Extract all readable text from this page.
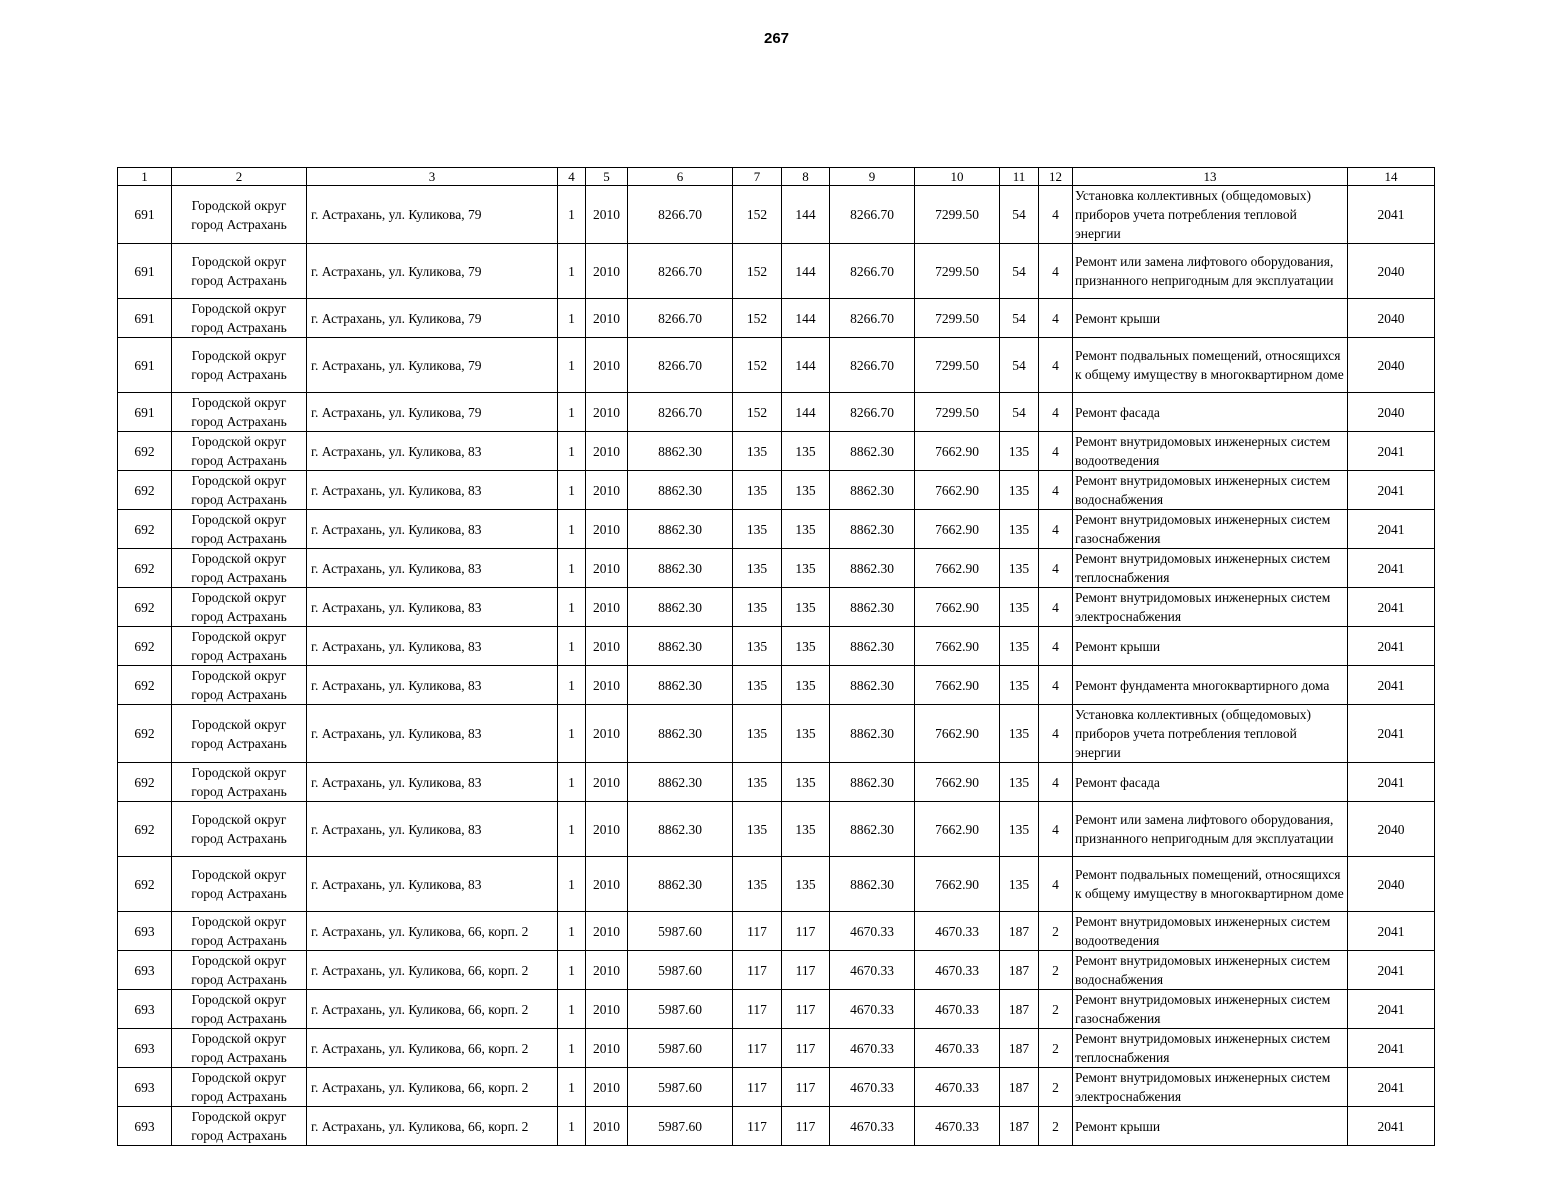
267
1	2	3	4	5	6	7	8	9	10	11	12	13	14
691	Городской округ город Астрахань	г. Астрахань, ул. Куликова, 79	1	2010	8266.70	152	144	8266.70	7299.50	54	4	Установка коллективных (общедомовых) приборов учета потребления тепловой энергии	2041
691	Городской округ город Астрахань	г. Астрахань, ул. Куликова, 79	1	2010	8266.70	152	144	8266.70	7299.50	54	4	Ремонт или замена лифтового оборудования, признанного непригодным для эксплуатации	2040
691	Городской округ город Астрахань	г. Астрахань, ул. Куликова, 79	1	2010	8266.70	152	144	8266.70	7299.50	54	4	Ремонт крыши	2040
691	Городской округ город Астрахань	г. Астрахань, ул. Куликова, 79	1	2010	8266.70	152	144	8266.70	7299.50	54	4	Ремонт подвальных помещений, относящихся к общему имуществу в многоквартирном доме	2040
691	Городской округ город Астрахань	г. Астрахань, ул. Куликова, 79	1	2010	8266.70	152	144	8266.70	7299.50	54	4	Ремонт фасада	2040
692	Городской округ город Астрахань	г. Астрахань, ул. Куликова, 83	1	2010	8862.30	135	135	8862.30	7662.90	135	4	Ремонт внутридомовых инженерных систем водоотведения	2041
692	Городской округ город Астрахань	г. Астрахань, ул. Куликова, 83	1	2010	8862.30	135	135	8862.30	7662.90	135	4	Ремонт внутридомовых инженерных систем водоснабжения	2041
692	Городской округ город Астрахань	г. Астрахань, ул. Куликова, 83	1	2010	8862.30	135	135	8862.30	7662.90	135	4	Ремонт внутридомовых инженерных систем газоснабжения	2041
692	Городской округ город Астрахань	г. Астрахань, ул. Куликова, 83	1	2010	8862.30	135	135	8862.30	7662.90	135	4	Ремонт внутридомовых инженерных систем теплоснабжения	2041
692	Городской округ город Астрахань	г. Астрахань, ул. Куликова, 83	1	2010	8862.30	135	135	8862.30	7662.90	135	4	Ремонт внутридомовых инженерных систем электроснабжения	2041
692	Городской округ город Астрахань	г. Астрахань, ул. Куликова, 83	1	2010	8862.30	135	135	8862.30	7662.90	135	4	Ремонт крыши	2041
692	Городской округ город Астрахань	г. Астрахань, ул. Куликова, 83	1	2010	8862.30	135	135	8862.30	7662.90	135	4	Ремонт фундамента многоквартирного дома	2041
692	Городской округ город Астрахань	г. Астрахань, ул. Куликова, 83	1	2010	8862.30	135	135	8862.30	7662.90	135	4	Установка коллективных (общедомовых) приборов учета потребления тепловой энергии	2041
692	Городской округ город Астрахань	г. Астрахань, ул. Куликова, 83	1	2010	8862.30	135	135	8862.30	7662.90	135	4	Ремонт фасада	2041
692	Городской округ город Астрахань	г. Астрахань, ул. Куликова, 83	1	2010	8862.30	135	135	8862.30	7662.90	135	4	Ремонт или замена лифтового оборудования, признанного непригодным для эксплуатации	2040
692	Городской округ город Астрахань	г. Астрахань, ул. Куликова, 83	1	2010	8862.30	135	135	8862.30	7662.90	135	4	Ремонт подвальных помещений, относящихся к общему имуществу в многоквартирном доме	2040
693	Городской округ город Астрахань	г. Астрахань, ул. Куликова, 66, корп. 2	1	2010	5987.60	117	117	4670.33	4670.33	187	2	Ремонт внутридомовых инженерных систем водоотведения	2041
693	Городской округ город Астрахань	г. Астрахань, ул. Куликова, 66, корп. 2	1	2010	5987.60	117	117	4670.33	4670.33	187	2	Ремонт внутридомовых инженерных систем водоснабжения	2041
693	Городской округ город Астрахань	г. Астрахань, ул. Куликова, 66, корп. 2	1	2010	5987.60	117	117	4670.33	4670.33	187	2	Ремонт внутридомовых инженерных систем газоснабжения	2041
693	Городской округ город Астрахань	г. Астрахань, ул. Куликова, 66, корп. 2	1	2010	5987.60	117	117	4670.33	4670.33	187	2	Ремонт внутридомовых инженерных систем теплоснабжения	2041
693	Городской округ город Астрахань	г. Астрахань, ул. Куликова, 66, корп. 2	1	2010	5987.60	117	117	4670.33	4670.33	187	2	Ремонт внутридомовых инженерных систем электроснабжения	2041
693	Городской округ город Астрахань	г. Астрахань, ул. Куликова, 66, корп. 2	1	2010	5987.60	117	117	4670.33	4670.33	187	2	Ремонт крыши	2041
